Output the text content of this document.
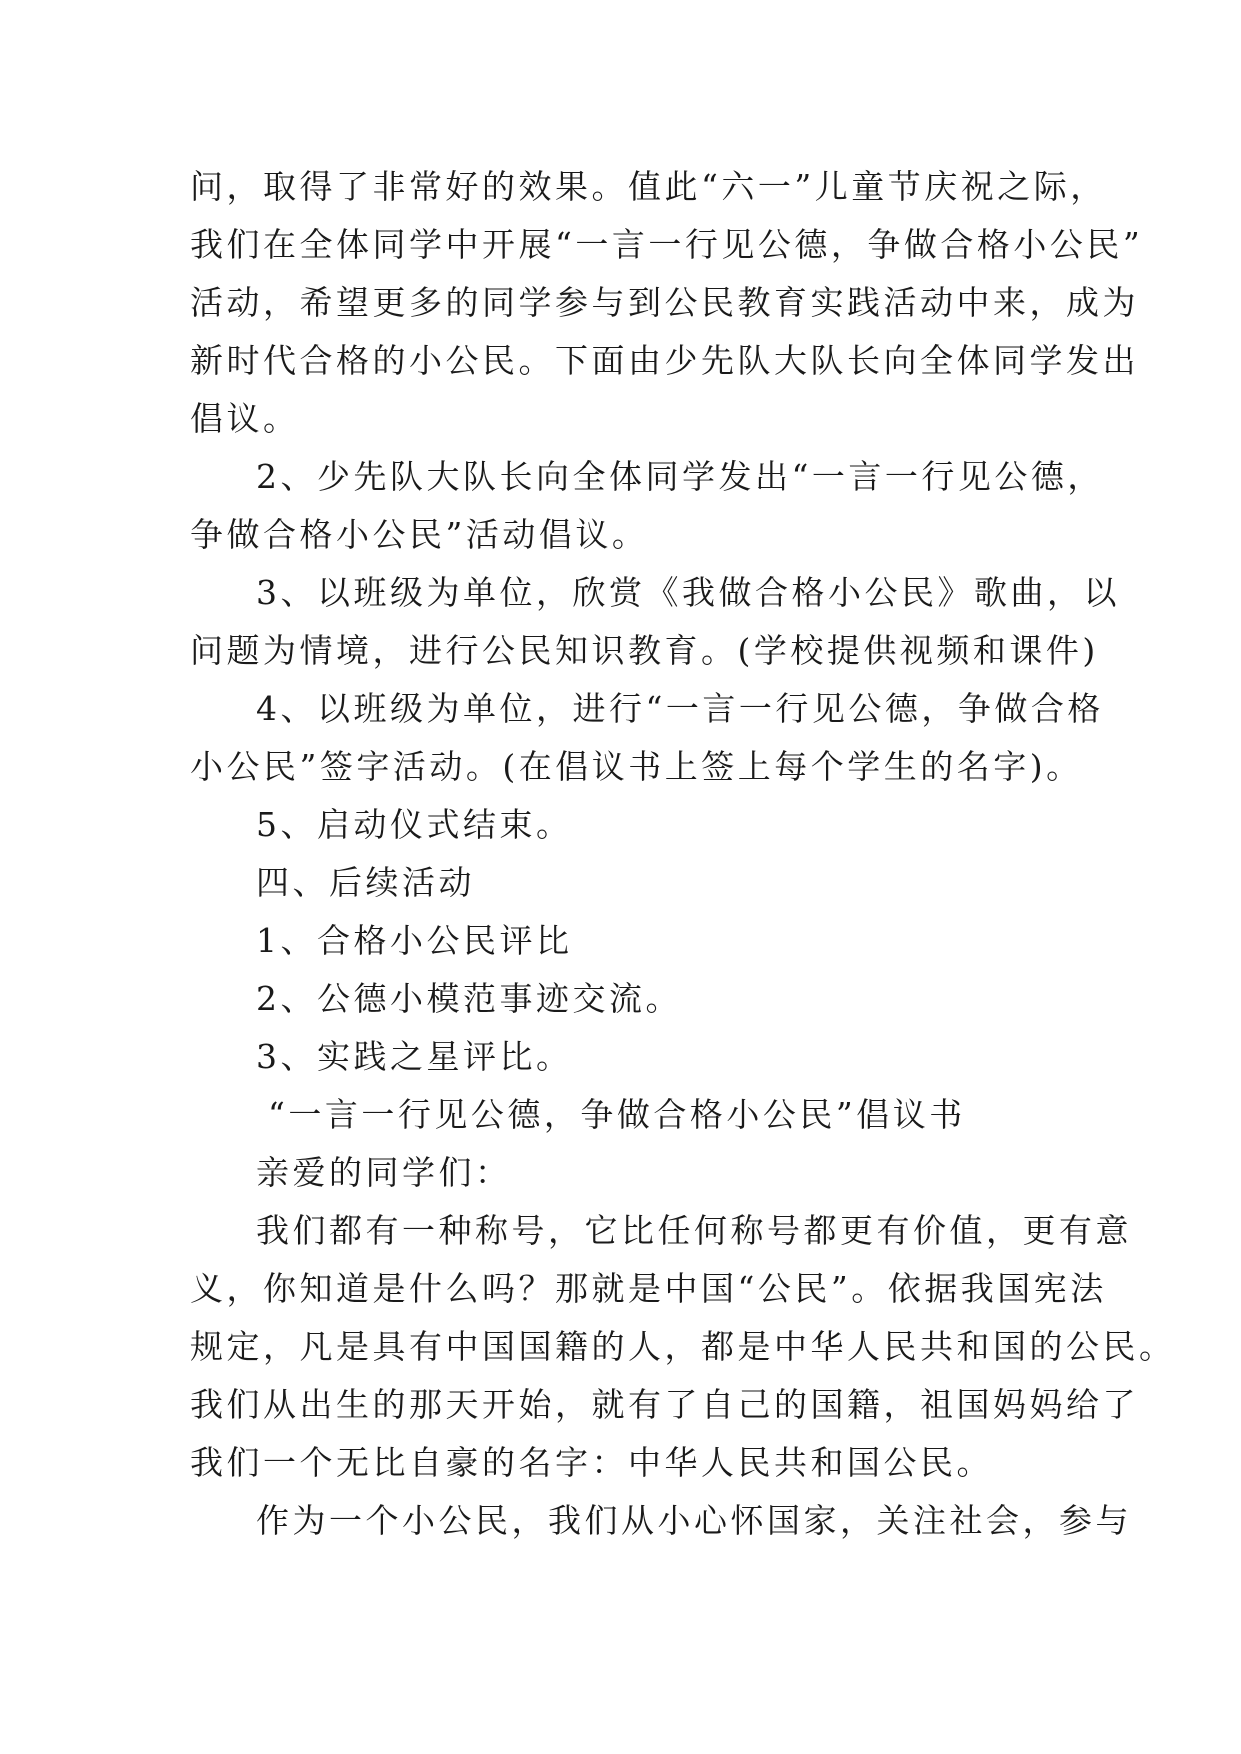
问，取得了非常好的效果。值此“六一”儿童节庆祝之际，
我们在全体同学中开展“一言一行见公德，争做合格小公民”
活动，希望更多的同学参与到公民教育实践活动中来，成为
新时代合格的小公民。下面由少先队大队长向全体同学发出
倡议。
2、少先队大队长向全体同学发出“一言一行见公德，
争做合格小公民”活动倡议。
3、以班级为单位，欣赏《我做合格小公民》歌曲，以
问题为情境，进行公民知识教育。(学校提供视频和课件)
4、以班级为单位，进行“一言一行见公德，争做合格
小公民”签字活动。(在倡议书上签上每个学生的名字)。
5、启动仪式结束。
四、后续活动
1、合格小公民评比
2、公德小模范事迹交流。
3、实践之星评比。
“一言一行见公德，争做合格小公民”倡议书
亲爱的同学们：
我们都有一种称号，它比任何称号都更有价值，更有意
义，你知道是什么吗？那就是中国“公民”。依据我国宪法
规定，凡是具有中国国籍的人，都是中华人民共和国的公民。
我们从出生的那天开始，就有了自己的国籍，祖国妈妈给了
我们一个无比自豪的名字：中华人民共和国公民。
作为一个小公民，我们从小心怀国家，关注社会，参与
